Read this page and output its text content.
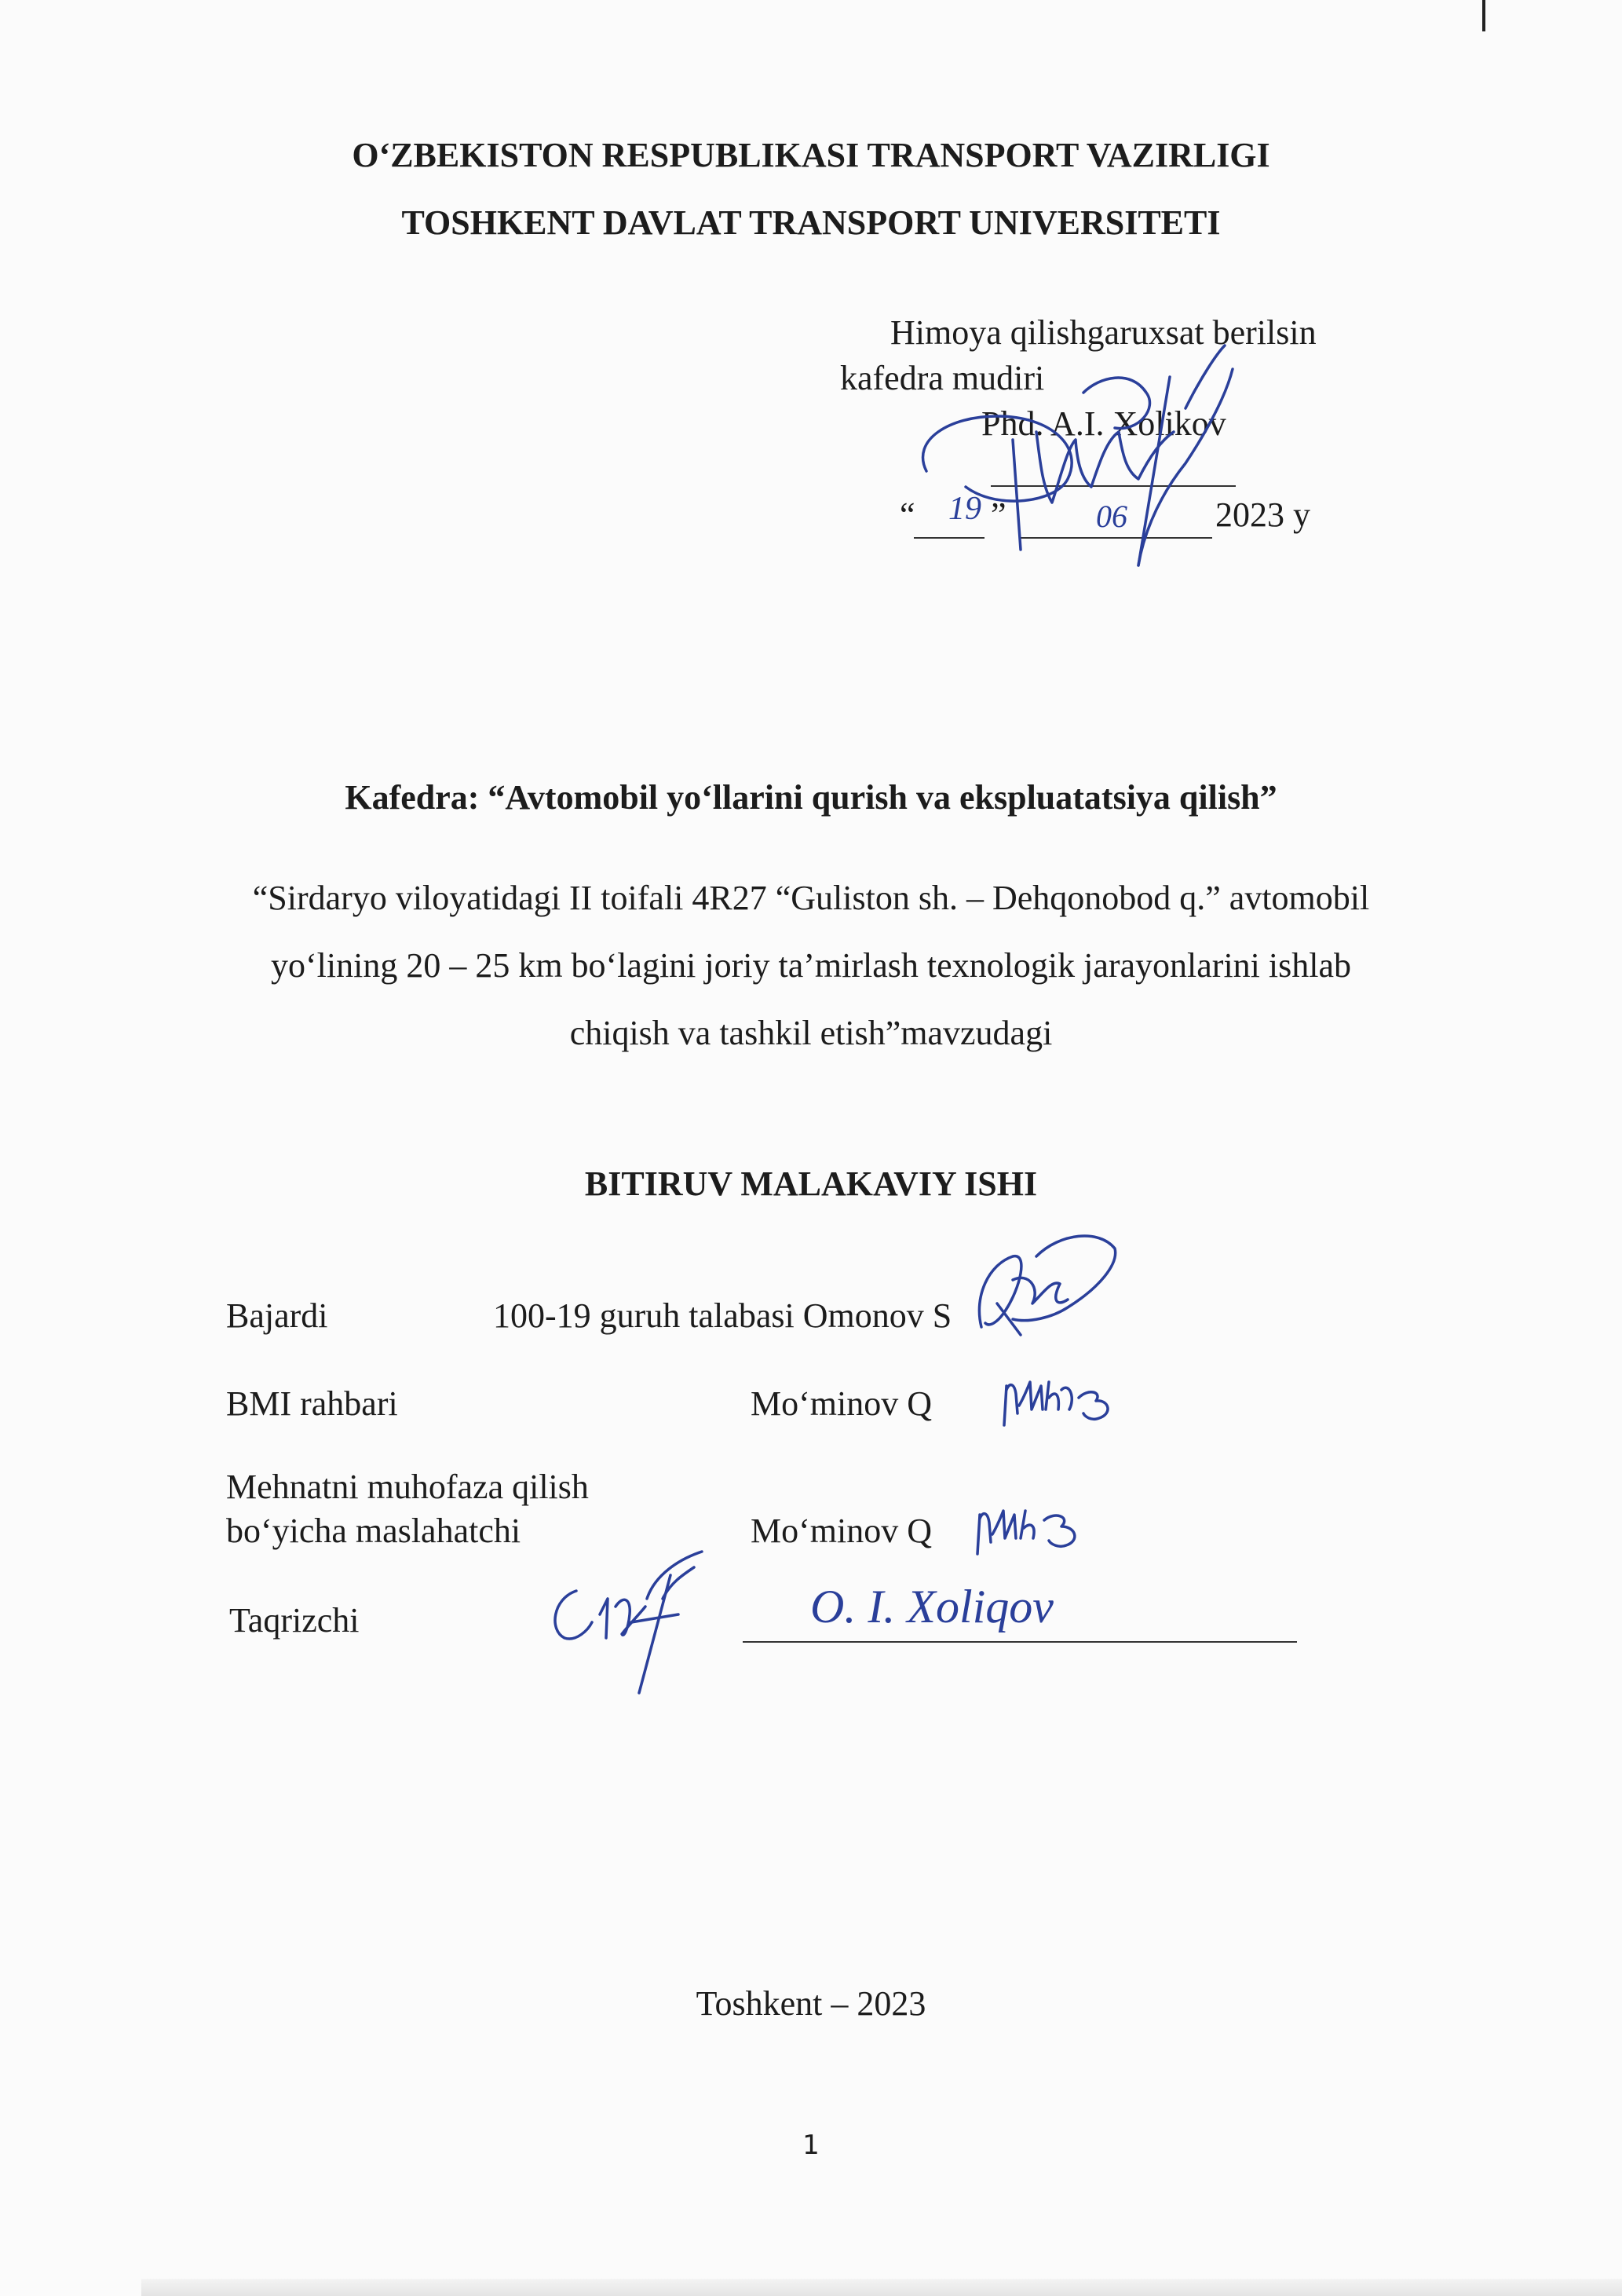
O‘ZBEKISTON RESPUBLIKASI TRANSPORT VAZIRLIGI
TOSHKENT DAVLAT TRANSPORT UNIVERSITETI
Himoya qilishgaruxsat berilsin
kafedra mudiri
Phd. A.I. Xolikov
“ 19 ”	06	2023 y
Kafedra: “Avtomobil yo‘llarini qurish va ekspluatatsiya qilish”
“Sirdaryo viloyatidagi II toifali 4R27 “Guliston sh. – Dehqonobod q.” avtomobil
yo‘lining 20 – 25 km bo‘lagini joriy ta’mirlash texnologik jarayonlarini ishlab
chiqish va tashkil etish”mavzudagi
BITIRUV MALAKAVIY ISHI
Bajardi	100-19 guruh talabasi Omonov S
BMI rahbari	Mo‘minov Q
Mehnatni muhofaza qilish
bo‘yicha maslahatchi	Mo‘minov Q
Taqrizchi	O. I. Xoliqov
Toshkent – 2023
1
